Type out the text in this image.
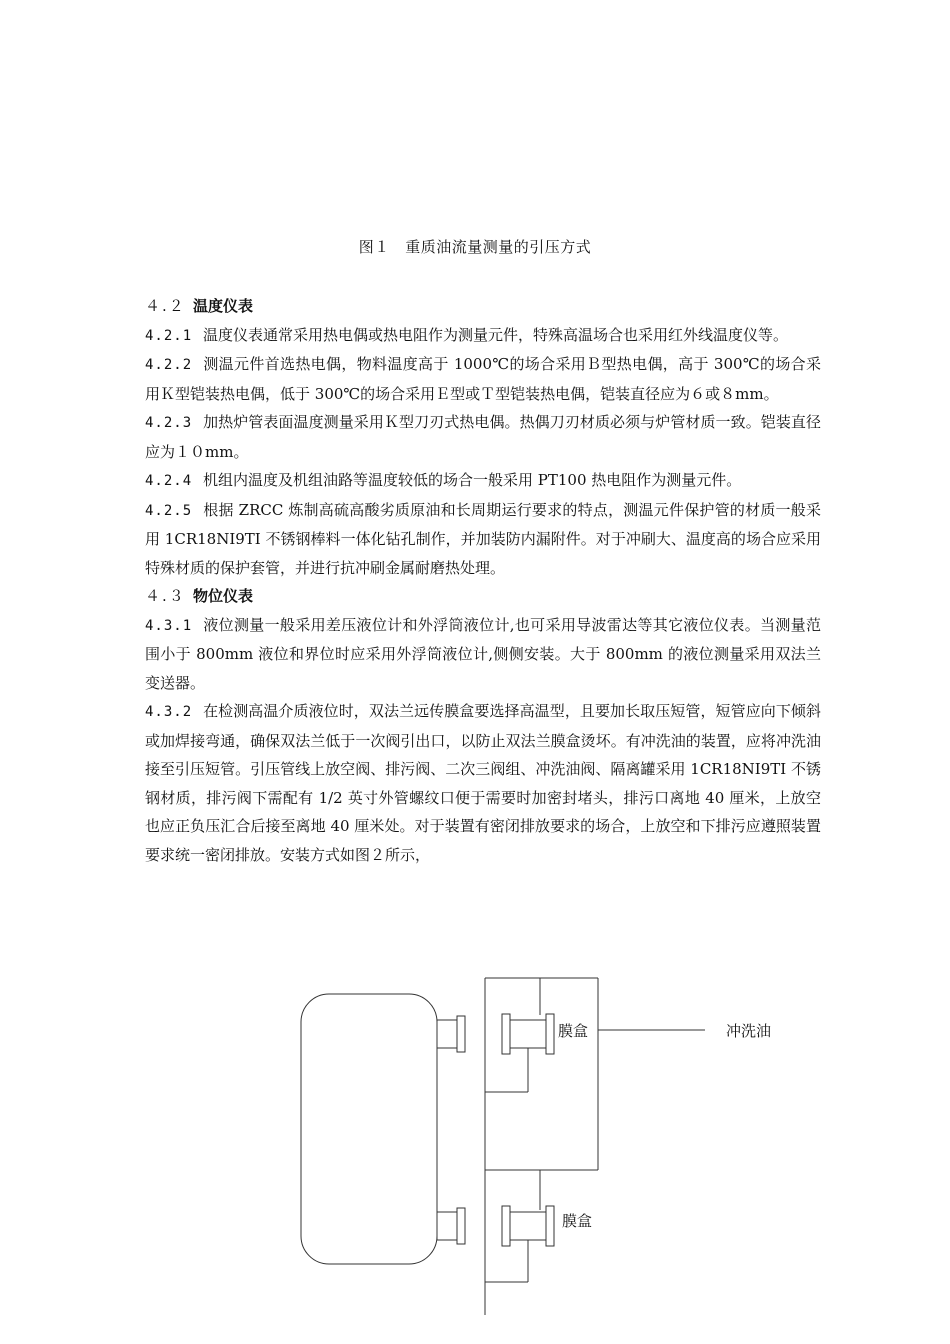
图１　重质油流量测量的引压方式
４.２ 温度仪表
4.2.1 温度仪表通常采用热电偶或热电阻作为测量元件，特殊高温场合也采用红外线温度仪等。
4.2.2 测温元件首选热电偶，物料温度高于 1000℃的场合采用Ｂ型热电偶，高于 300℃的场合采用Ｋ型铠装热电偶，低于 300℃的场合采用Ｅ型或Ｔ型铠装热电偶，铠装直径应为６或８mm。
4.2.3 加热炉管表面温度测量采用Ｋ型刀刃式热电偶。热偶刀刃材质必须与炉管材质一致。铠装直径应为１０mm。
4.2.4 机组内温度及机组油路等温度较低的场合一般采用 PT100 热电阻作为测量元件。
4.2.5 根据 ZRCC 炼制高硫高酸劣质原油和长周期运行要求的特点，测温元件保护管的材质一般采用 1CR18NI9TI 不锈钢棒料一体化钻孔制作，并加装防内漏附件。对于冲刷大、温度高的场合应采用特殊材质的保护套管，并进行抗冲刷金属耐磨热处理。
４.３ 物位仪表
4.3.1 液位测量一般采用差压液位计和外浮筒液位计,也可采用导波雷达等其它液位仪表。当测量范围小于 800mm 液位和界位时应采用外浮筒液位计,侧侧安装。大于 800mm 的液位测量采用双法兰变送器。
4.3.2 在检测高温介质液位时，双法兰远传膜盒要选择高温型，且要加长取压短管，短管应向下倾斜或加焊接弯通，确保双法兰低于一次阀引出口，以防止双法兰膜盒烫坏。有冲洗油的装置，应将冲洗油接至引压短管。引压管线上放空阀、排污阀、二次三阀组、冲洗油阀、隔离罐采用 1CR18NI9TI 不锈钢材质，排污阀下需配有 1/2 英寸外管螺纹口便于需要时加密封堵头，排污口离地 40 厘米，上放空也应正负压汇合后接至离地 40 厘米处。对于装置有密闭排放要求的场合，上放空和下排污应遵照装置要求统一密闭排放。安装方式如图２所示，
膜盒	冲洗油
膜盒
